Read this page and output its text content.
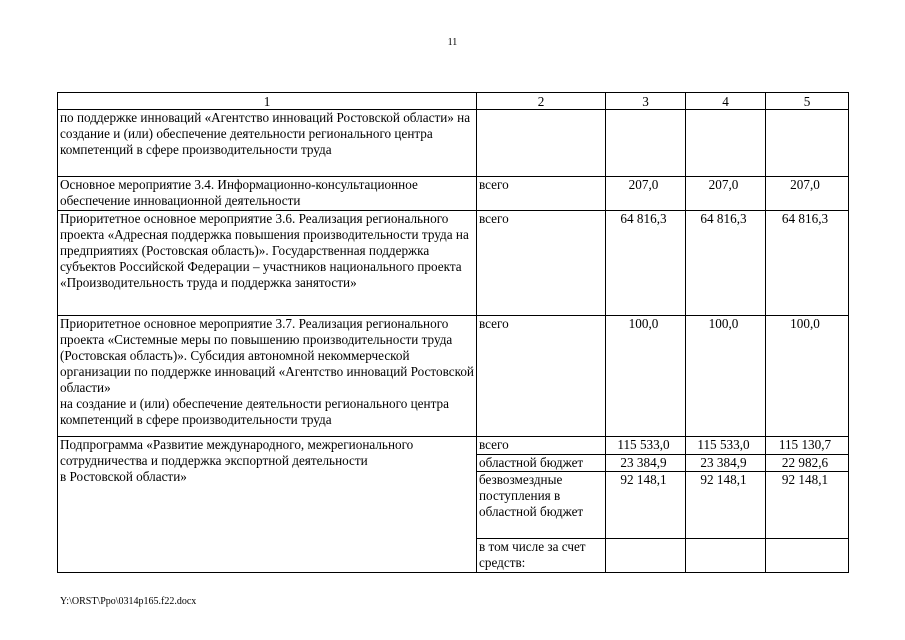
11
1	2	3	4	5
по поддержке инноваций «Агентство инноваций Ростовской области» на создание и (или) обеспечение деятельности регионального центра компетенций в сфере производительности труда				
Основное мероприятие 3.4. Информационно-консультационное обеспечение инновационной деятельности	всего	207,0	207,0	207,0
Приоритетное основное мероприятие 3.6. Реализация регионального проекта «Адресная поддержка повышения производительности труда на предприятиях (Ростовская область)». Государственная поддержка субъектов Российской Федерации – участников национального проекта «Производительность труда и поддержка занятости»	всего	64 816,3	64 816,3	64 816,3
Приоритетное основное мероприятие 3.7. Реализация регионального проекта «Системные меры по повышению производительности труда (Ростовская область)». Субсидия автономной некоммерческой организации по поддержке инноваций «Агентство инноваций Ростовской области»
на создание и (или) обеспечение деятельности регионального центра компетенций в сфере производительности труда	всего	100,0	100,0	100,0
Подпрограмма «Развитие международного, межрегионального сотрудничества и поддержка экспортной деятельности
в Ростовской области»	всего	115 533,0	115 533,0	115 130,7
	областной бюджет	23 384,9	23 384,9	22 982,6
	безвозмездные поступления в областной бюджет	92 148,1	92 148,1	92 148,1
	в том числе за счет средств:			
Y:\ORST\Ppo\0314p165.f22.docx
